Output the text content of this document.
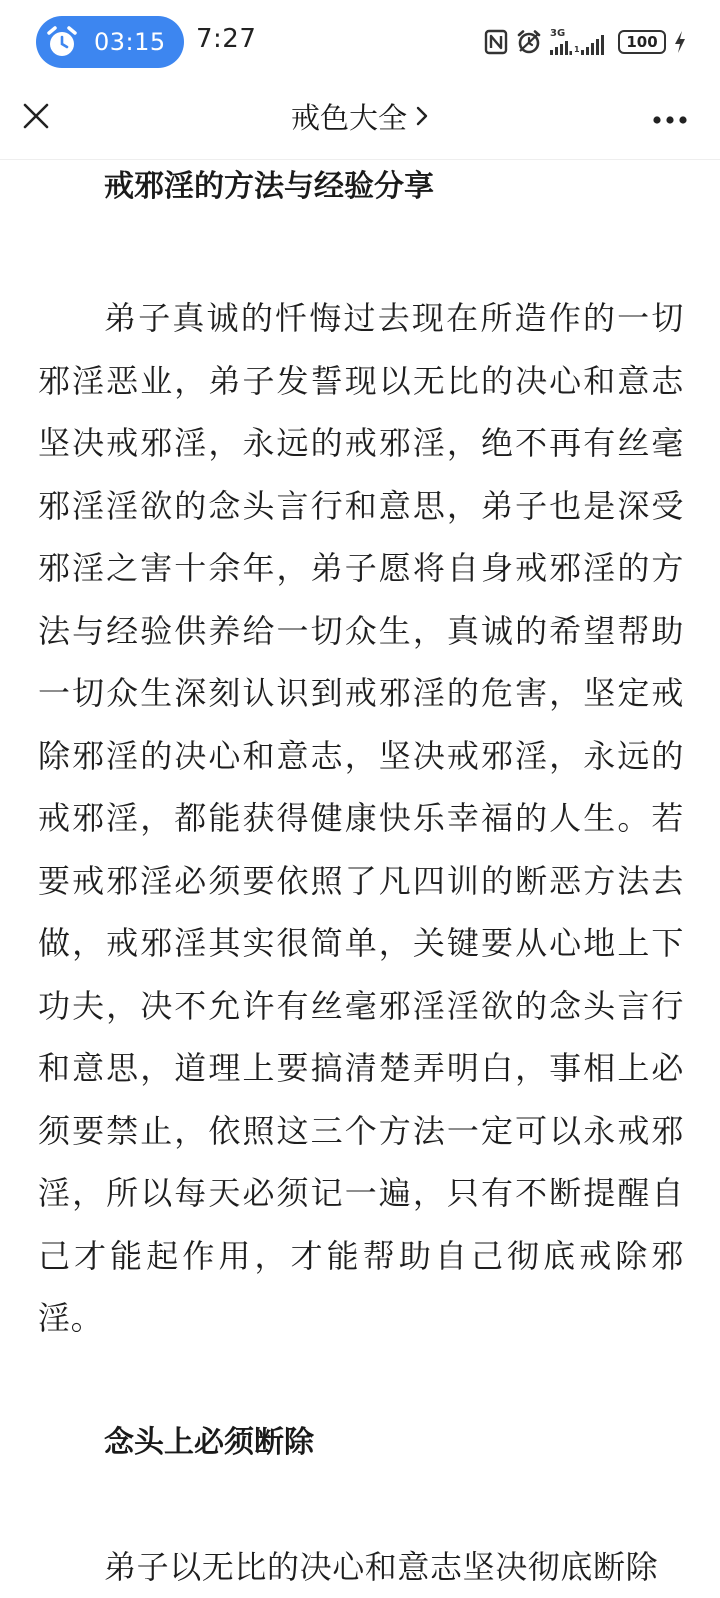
03:15 7:27	3G
1	100
戒色大全
戒邪淫的方法与经验分享

弟子真诚的忏悔过去现在所造作的一切邪淫恶业，弟子发誓现以无比的决心和意志坚决戒邪淫，永远的戒邪淫，绝不再有丝毫邪淫淫欲的念头言行和意思，弟子也是深受邪淫之害十余年，弟子愿将自身戒邪淫的方法与经验供养给一切众生，真诚的希望帮助一切众生深刻认识到戒邪淫的危害，坚定戒除邪淫的决心和意志，坚决戒邪淫，永远的戒邪淫，都能获得健康快乐幸福的人生。若要戒邪淫必须要依照了凡四训的断恶方法去做，戒邪淫其实很简单，关键要从心地上下功夫，决不允许有丝毫邪淫淫欲的念头言行和意思，道理上要搞清楚弄明白，事相上必须要禁止，依照这三个方法一定可以永戒邪淫，所以每天必须记一遍，只有不断提醒自己才能起作用，才能帮助自己彻底戒除邪淫。

念头上必须断除

弟子以无比的决心和意志坚决彻底断除
